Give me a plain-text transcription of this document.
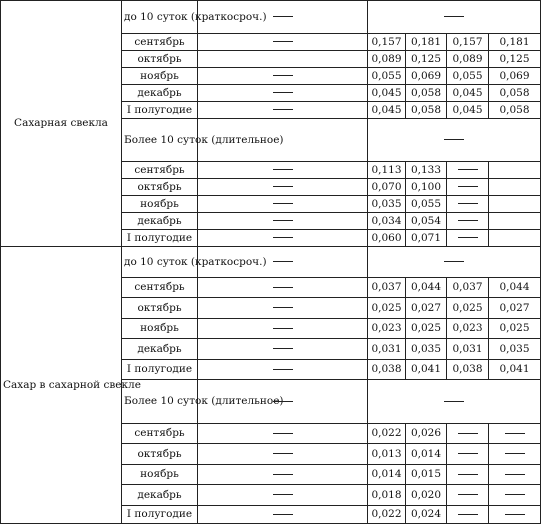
Сахарная свекла	до 10 суток (краткосроч.)					
	сентябрь		0,157	0,181	0,157	0,181
	октябрь		0,089	0,125	0,089	0,125
	ноябрь		0,055	0,069	0,055	0,069
	декабрь		0,045	0,058	0,045	0,058
	I полугодие		0,045	0,058	0,045	0,058
	Более 10 суток (длительное)					
	сентябрь		0,113	0,133		
	октябрь		0,070	0,100		
	ноябрь		0,035	0,055		
	декабрь		0,034	0,054		
	I полугодие		0,060	0,071		
Сахар в сахарной свекле	до 10 суток (краткосроч.)					
	сентябрь		0,037	0,044	0,037	0,044
	октябрь		0,025	0,027	0,025	0,027
	ноябрь		0,023	0,025	0,023	0,025
	декабрь		0,031	0,035	0,031	0,035
	I полугодие		0,038	0,041	0,038	0,041
	Более 10 суток (длительное)					
	сентябрь		0,022	0,026		
	октябрь		0,013	0,014		
	ноябрь		0,014	0,015		
	декабрь		0,018	0,020		
	I полугодие		0,022	0,024		
